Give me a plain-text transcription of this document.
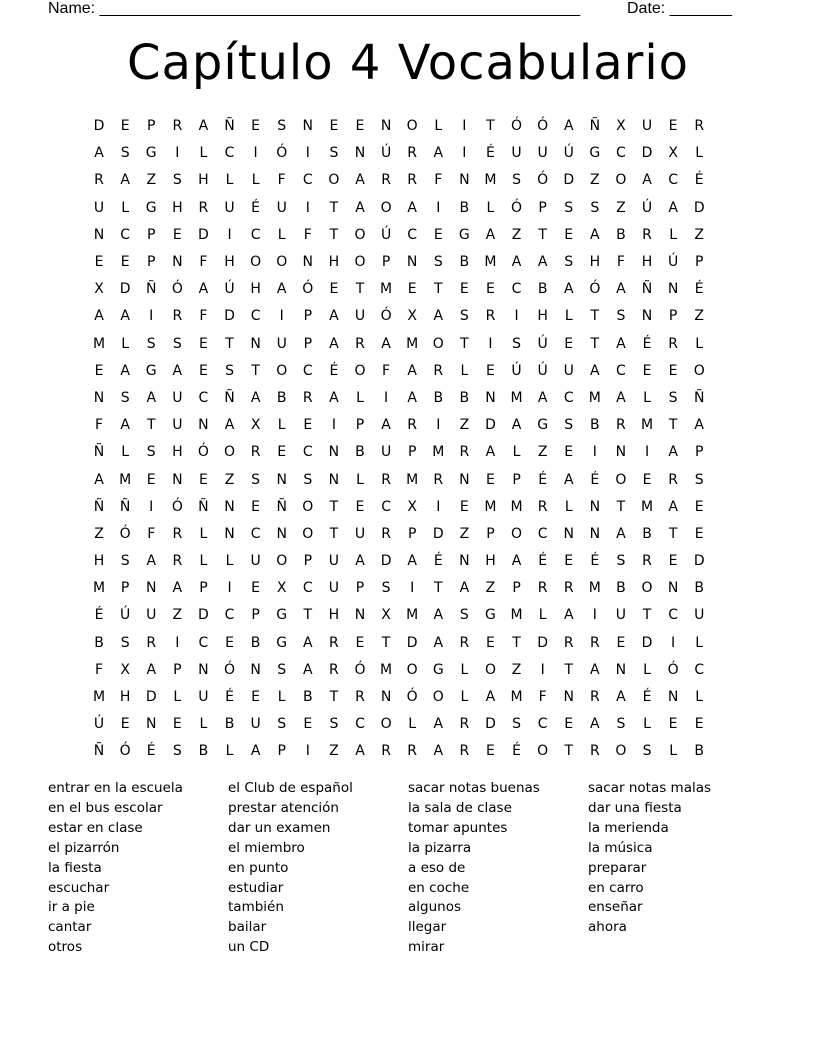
Name: ______________________________________________________	Date: _______
Capítulo 4 Vocabulario
D	E	P	R	A	Ñ	E	S	N	E	E	N	O	L	I	T	Ó	Ó	A	Ñ	X	U	E	R
A	S	G	I	L	C	I	Ó	I	S	N	Ú	R	A	I	É	U	U	Ú	G	C	D	X	L
R	A	Z	S	H	L	L	F	C	O	A	R	R	F	N	M	S	Ó	D	Z	O	A	C	É
U	L	G	H	R	U	É	U	I	T	A	O	A	I	B	L	Ó	P	S	S	Z	Ú	A	D
N	C	P	E	D	I	C	L	F	T	O	Ú	C	E	G	A	Z	T	E	A	B	R	L	Z
E	E	P	N	F	H	O	O	N	H	O	P	N	S	B	M	A	A	S	H	F	H	Ú	P
X	D	Ñ	Ó	A	Ú	H	A	Ó	E	T	M	E	T	E	E	C	B	A	Ó	A	Ñ	N	É
A	A	I	R	F	D	C	I	P	A	U	Ó	X	A	S	R	I	H	L	T	S	N	P	Z
M	L	S	S	E	T	N	U	P	A	R	A	M	O	T	I	S	Ú	E	T	A	É	R	L
E	A	G	A	E	S	T	O	C	É	O	F	A	R	L	E	Ú	Ú	U	A	C	E	E	O
N	S	A	U	C	Ñ	A	B	R	A	L	I	A	B	B	N	M	A	C	M	A	L	S	Ñ
F	A	T	U	N	A	X	L	E	I	P	A	R	I	Z	D	A	G	S	B	R	M	T	A
Ñ	L	S	H	Ó	O	R	E	C	N	B	U	P	M	R	A	L	Z	E	I	N	I	A	P
A	M	E	N	E	Z	S	N	S	N	L	R	M	R	N	E	P	É	A	É	O	E	R	S
Ñ	Ñ	I	Ó	Ñ	N	E	Ñ	O	T	E	C	X	I	E	M	M	R	L	N	T	M	A	E
Z	Ó	F	R	L	N	C	N	O	T	U	R	P	D	Z	P	O	C	N	N	A	B	T	E
H	S	A	R	L	L	U	O	P	U	A	D	A	É	N	H	A	É	E	É	S	R	E	D
M	P	N	A	P	I	E	X	C	U	P	S	I	T	A	Z	P	R	R	M	B	O	N	B
É	Ú	U	Z	D	C	P	G	T	H	N	X	M	A	S	G	M	L	A	I	U	T	C	U
B	S	R	I	C	E	B	G	A	R	E	T	D	A	R	E	T	D	R	R	E	D	I	L
F	X	A	P	N	Ó	N	S	A	R	Ó	M	O	G	L	O	Z	I	T	A	N	L	Ó	C
M	H	D	L	U	É	E	L	B	T	R	N	Ó	O	L	A	M	F	N	R	A	É	N	L
Ú	E	N	E	L	B	U	S	E	S	C	O	L	A	R	D	S	C	E	A	S	L	E	E
Ñ	Ó	É	S	B	L	A	P	I	Z	A	R	R	A	R	E	É	O	T	R	O	S	L	B
entrar en la escuela
en el bus escolar
estar en clase
el pizarrón
la fiesta
escuchar
ir a pie
cantar
otros
el Club de español
prestar atención
dar un examen
el miembro
en punto
estudiar
también
bailar
un CD
sacar notas buenas
la sala de clase
tomar apuntes
la pizarra
a eso de
en coche
algunos
llegar
mirar
sacar notas malas
dar una fiesta
la merienda
la música
preparar
en carro
enseñar
ahora
